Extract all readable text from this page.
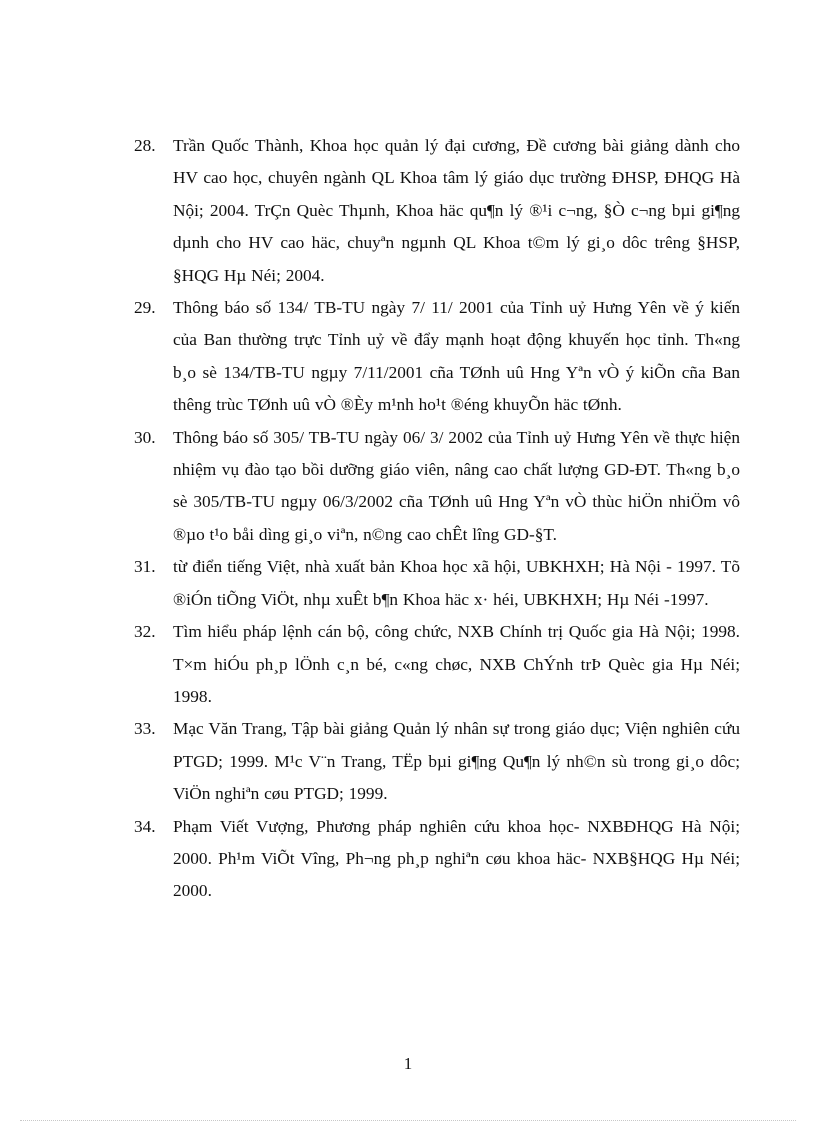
28. Trần Quốc Thành, Khoa học quản lý đại cương, Đề cương bài giảng dành cho HV cao học, chuyên ngành QL Khoa tâm lý giáo dục trường ĐHSP, ĐHQG Hà Nội; 2004. TrÇn Quèc Thµnh, Khoa häc qu¶n lý ®¹i c¬ng, §Ò c¬ng bµi gi¶ng dµnh cho HV cao häc, chuyªn ngµnh QL Khoa t©m lý gi¸o dôc trêng §HSP, §HQG Hµ Néi; 2004.
29. Thông báo số 134/ TB-TU ngày 7/ 11/ 2001 của Tỉnh uỷ Hưng Yên về ý kiến của Ban thường trực Tỉnh uỷ về đẩy mạnh hoạt động khuyến học tỉnh. Th«ng b¸o sè 134/TB-TU ngµy 7/11/2001 cña TØnh uû Hng Yªn vÒ ý kiÕn cña Ban thêng trùc TØnh uû vÒ ®Èy m¹nh ho¹t ®éng khuyÕn häc tØnh.
30. Thông báo số 305/ TB-TU ngày 06/ 3/ 2002 của Tỉnh uỷ Hưng Yên về thực hiện nhiệm vụ đào tạo bồi dưỡng giáo viên, nâng cao chất lượng GD-ĐT. Th«ng b¸o sè 305/TB-TU ngµy 06/3/2002 cña TØnh uû Hng Yªn vÒ thùc hiÖn nhiÖm vô ®µo t¹o båi dìng gi¸o viªn, n©ng cao chÊt lîng GD-§T.
31. từ điển tiếng Việt, nhà xuất bản Khoa học xã hội, UBKHXH; Hà Nội - 1997. Tõ ®iÓn tiÕng ViÖt, nhµ xuÊt b¶n Khoa häc x· héi, UBKHXH; Hµ Néi -1997.
32. Tìm hiểu pháp lệnh cán bộ, công chức, NXB Chính trị Quốc gia Hà Nội; 1998. T×m hiÓu ph¸p lÖnh c¸n bé, c«ng chøc, NXB ChÝnh trÞ Quèc gia Hµ Néi; 1998.
33. Mạc Văn Trang, Tập bài giảng Quản lý nhân sự trong giáo dục; Viện nghiên cứu PTGD; 1999. M¹c V¨n Trang, TËp bµi gi¶ng Qu¶n lý nh©n sù trong gi¸o dôc; ViÖn nghiªn cøu PTGD; 1999.
34. Phạm Viết Vượng, Phương pháp nghiên cứu khoa học- NXBĐHQG Hà Nội; 2000. Ph¹m ViÕt Vîng, Ph¬ng ph¸p nghiªn cøu khoa häc- NXB§HQG Hµ Néi; 2000.
1
